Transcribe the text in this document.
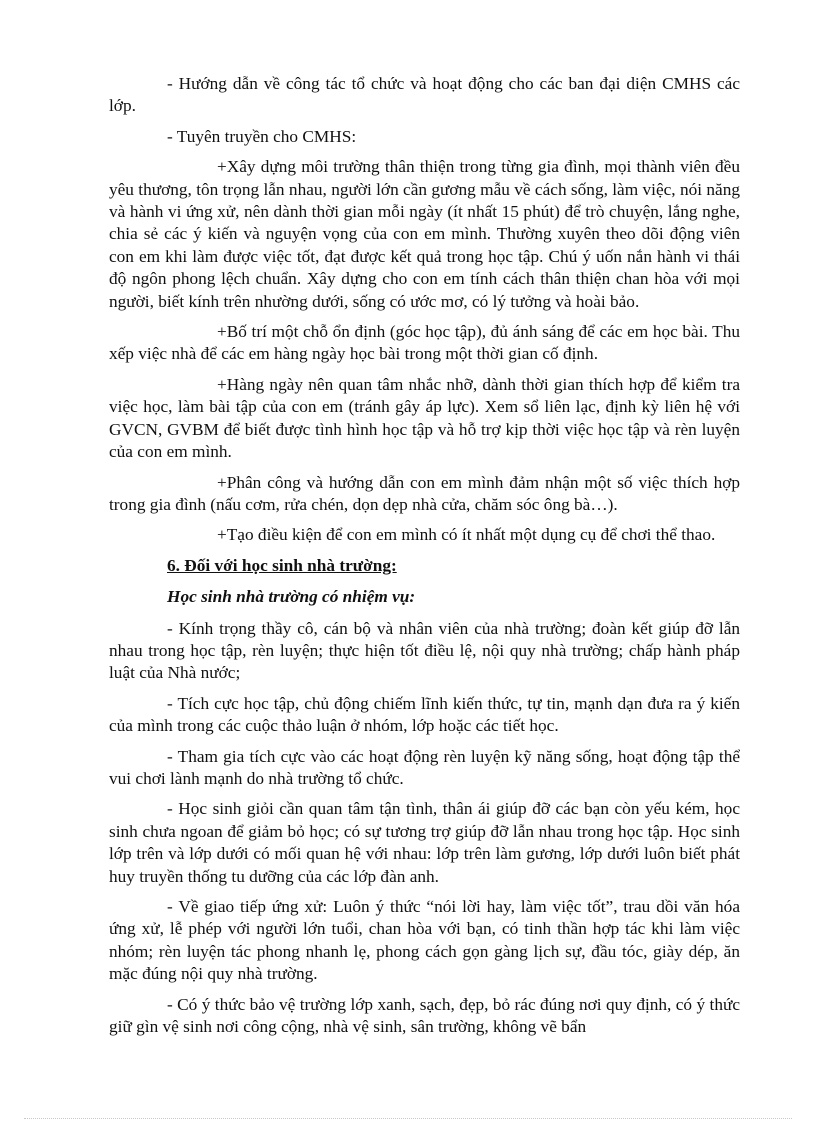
- Hướng dẫn về công tác tổ chức và hoạt động cho các ban đại diện CMHS các lớp.

- Tuyên truyền cho CMHS:

+Xây dựng môi trường thân thiện trong từng gia đình, mọi thành viên đều yêu thương, tôn trọng lẫn nhau, người lớn cần gương mẫu về cách sống, làm việc, nói năng và hành vi ứng xử, nên dành thời gian mỗi ngày (ít nhất 15 phút) để trò chuyện, lắng nghe, chia sẻ các ý kiến và nguyện vọng của con em mình. Thường xuyên theo dõi động viên con em khi làm được việc tốt, đạt được kết quả trong học tập. Chú ý uốn nắn hành vi thái độ ngôn phong lệch chuẩn. Xây dựng cho con em tính cách thân thiện chan hòa với mọi người, biết kính trên nhường dưới, sống có ước mơ, có lý tưởng và hoài bảo.

+Bố trí một chỗ ổn định (góc học tập), đủ ánh sáng để các em học bài. Thu xếp việc nhà để các em hàng ngày học bài trong một thời gian cố định.

+Hàng ngày nên quan tâm nhắc nhỡ, dành thời gian thích hợp để kiểm tra việc học, làm bài tập của con em (tránh gây áp lực). Xem sổ liên lạc, định kỳ liên hệ với GVCN, GVBM để biết được tình hình học tập và hỗ trợ kịp thời việc học tập và rèn luyện của con em mình.

+Phân công và hướng dẫn con em mình đảm nhận một số việc thích hợp trong gia đình (nấu cơm, rửa chén, dọn dẹp nhà cửa, chăm sóc ông bà…).

+Tạo điều kiện để con em mình có ít nhất một dụng cụ để chơi thể thao.

6. Đối với học sinh nhà trường:

Học sinh nhà trường có nhiệm vụ:

- Kính trọng thầy cô, cán bộ và nhân viên của nhà trường; đoàn kết giúp đỡ lẫn nhau trong học tập, rèn luyện; thực hiện tốt điều lệ, nội quy nhà trường; chấp hành pháp luật của Nhà nước;

- Tích cực học tập, chủ động chiếm lĩnh kiến thức, tự tin, mạnh dạn đưa ra ý kiến của mình trong các cuộc thảo luận ở nhóm, lớp hoặc các tiết học.

- Tham gia tích cực vào các hoạt động rèn luyện kỹ năng sống, hoạt động tập thể vui chơi lành mạnh do nhà trường tổ chức.

- Học sinh giỏi cần quan tâm tận tình, thân ái giúp đỡ các bạn còn yếu kém, học sinh chưa ngoan để giảm bỏ học; có sự tương trợ giúp đỡ lẫn nhau trong học tập. Học sinh lớp trên và lớp dưới có mối quan hệ với nhau: lớp trên làm gương, lớp dưới luôn biết phát huy truyền thống tu dưỡng của các lớp đàn anh.

- Về giao tiếp ứng xử: Luôn ý thức “nói lời hay, làm việc tốt”, trau dồi văn hóa ứng xử, lễ phép với người lớn tuổi, chan hòa với bạn, có tinh thần hợp tác khi làm việc nhóm; rèn luyện tác phong nhanh lẹ, phong cách gọn gàng lịch sự, đầu tóc, giày dép, ăn mặc đúng nội quy nhà trường.

- Có ý thức bảo vệ trường lớp xanh, sạch, đẹp, bỏ rác đúng nơi quy định, có ý thức giữ gìn vệ sinh nơi công cộng, nhà vệ sinh, sân trường, không vẽ bẩn
